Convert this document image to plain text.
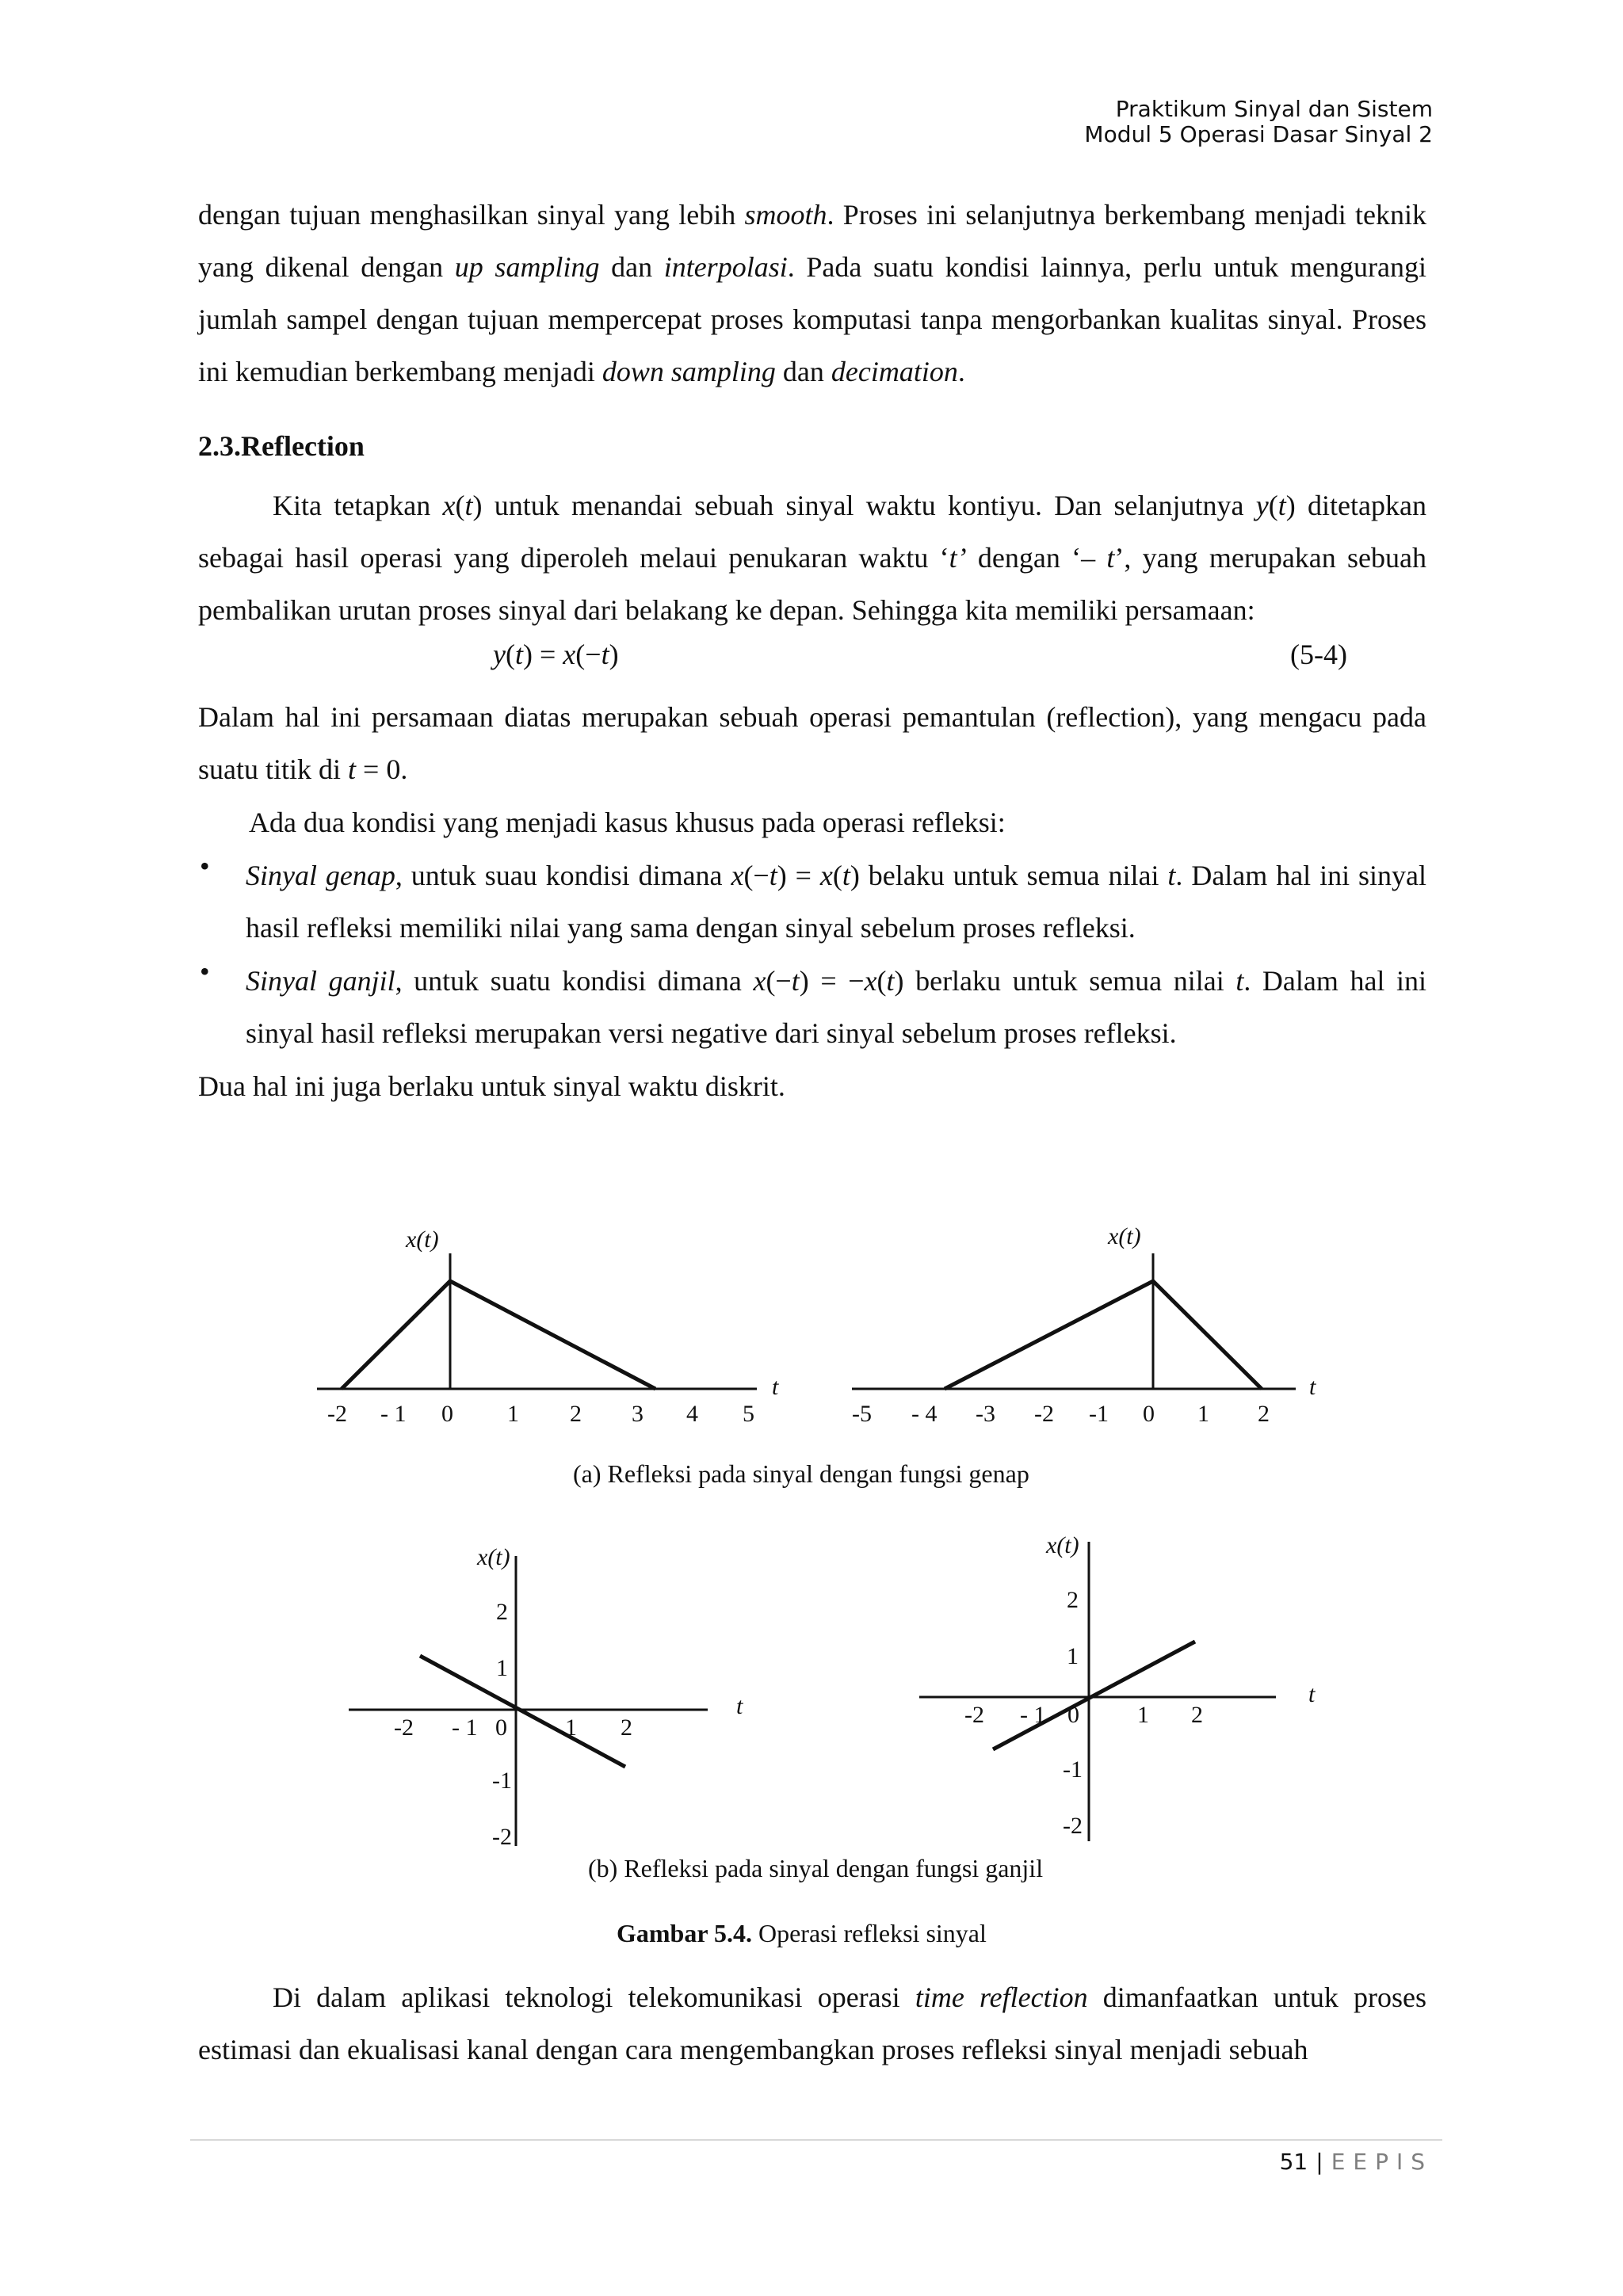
Praktikum Sinyal dan Sistem
Modul 5 Operasi Dasar Sinyal 2

dengan tujuan menghasilkan sinyal yang lebih smooth. Proses ini selanjutnya berkembang menjadi teknik yang dikenal dengan up sampling dan interpolasi. Pada suatu kondisi lainnya, perlu untuk mengurangi jumlah sampel dengan tujuan mempercepat proses komputasi tanpa mengorbankan kualitas sinyal. Proses ini kemudian berkembang menjadi down sampling dan decimation.

2.3.Reflection

Kita tetapkan x(t) untuk menandai sebuah sinyal waktu kontiyu. Dan selanjutnya y(t) ditetapkan sebagai hasil operasi yang diperoleh melaui penukaran waktu ‘t’ dengan ‘– t’, yang merupakan sebuah pembalikan urutan proses sinyal dari belakang ke depan. Sehingga kita memiliki persamaan:

y(t) = x(−t)	(5-4)

Dalam hal ini persamaan diatas merupakan sebuah operasi pemantulan (reflection), yang mengacu pada suatu titik di t = 0.

Ada dua kondisi yang menjadi kasus khusus pada operasi refleksi:

• Sinyal genap, untuk suau kondisi dimana x(−t) = x(t) belaku untuk semua nilai t. Dalam hal ini sinyal hasil refleksi memiliki nilai yang sama dengan sinyal sebelum proses refleksi.

• Sinyal ganjil, untuk suatu kondisi dimana x(−t) = −x(t) berlaku untuk semua nilai t. Dalam hal ini sinyal hasil refleksi merupakan versi negative dari sinyal sebelum proses refleksi.

Dua hal ini juga berlaku untuk sinyal waktu diskrit.

x(t)
t
-2 - 1 0 1 2 3 4 5
x(t)
t
-5 - 4 -3 -2 -1 0 1 2
(a) Refleksi pada sinyal dengan fungsi genap
x(t)
t
-2 - 1 0 1 2
2
1
-1
-2
x(t)
t
-2 - 1 0 1 2
2
1
-1
-2
(b) Refleksi pada sinyal dengan fungsi ganjil
Gambar 5.4. Operasi refleksi sinyal

Di dalam aplikasi teknologi telekomunikasi operasi time reflection dimanfaatkan untuk proses estimasi dan ekualisasi kanal dengan cara mengembangkan proses refleksi sinyal menjadi sebuah

51 | EEPIS
